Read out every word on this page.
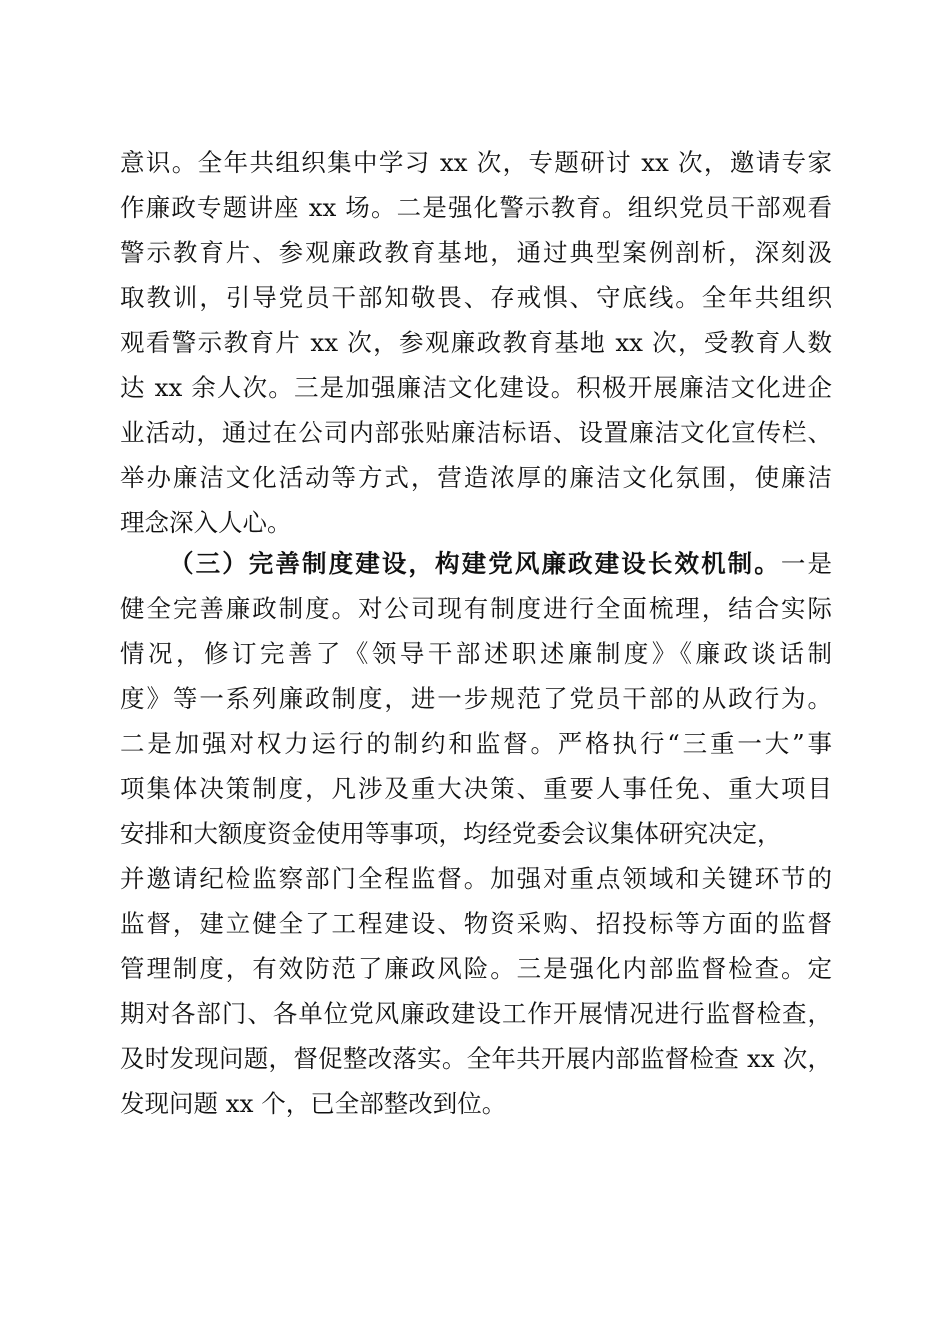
意识。全年共组织集中学习 xx 次，专题研讨 xx 次，邀请专家
作廉政专题讲座 xx 场。二是强化警示教育。组织党员干部观看
警示教育片、参观廉政教育基地，通过典型案例剖析，深刻汲
取教训，引导党员干部知敬畏、存戒惧、守底线。全年共组织
观看警示教育片 xx 次，参观廉政教育基地 xx 次，受教育人数
达 xx 余人次。三是加强廉洁文化建设。积极开展廉洁文化进企
业活动，通过在公司内部张贴廉洁标语、设置廉洁文化宣传栏、
举办廉洁文化活动等方式，营造浓厚的廉洁文化氛围，使廉洁
理念深入人心。
（三）完善制度建设，构建党风廉政建设长效机制。一是
健全完善廉政制度。对公司现有制度进行全面梳理，结合实际
情况，修订完善了《领导干部述职述廉制度》《廉政谈话制
度》等一系列廉政制度，进一步规范了党员干部的从政行为。
二是加强对权力运行的制约和监督。严格执行“三重一大”事
项集体决策制度，凡涉及重大决策、重要人事任免、重大项目
安排和大额度资金使用等事项，均经党委会议集体研究决定，
并邀请纪检监察部门全程监督。加强对重点领域和关键环节的
监督，建立健全了工程建设、物资采购、招投标等方面的监督
管理制度，有效防范了廉政风险。三是强化内部监督检查。定
期对各部门、各单位党风廉政建设工作开展情况进行监督检查，
及时发现问题，督促整改落实。全年共开展内部监督检查 xx 次，
发现问题 xx 个，已全部整改到位。
